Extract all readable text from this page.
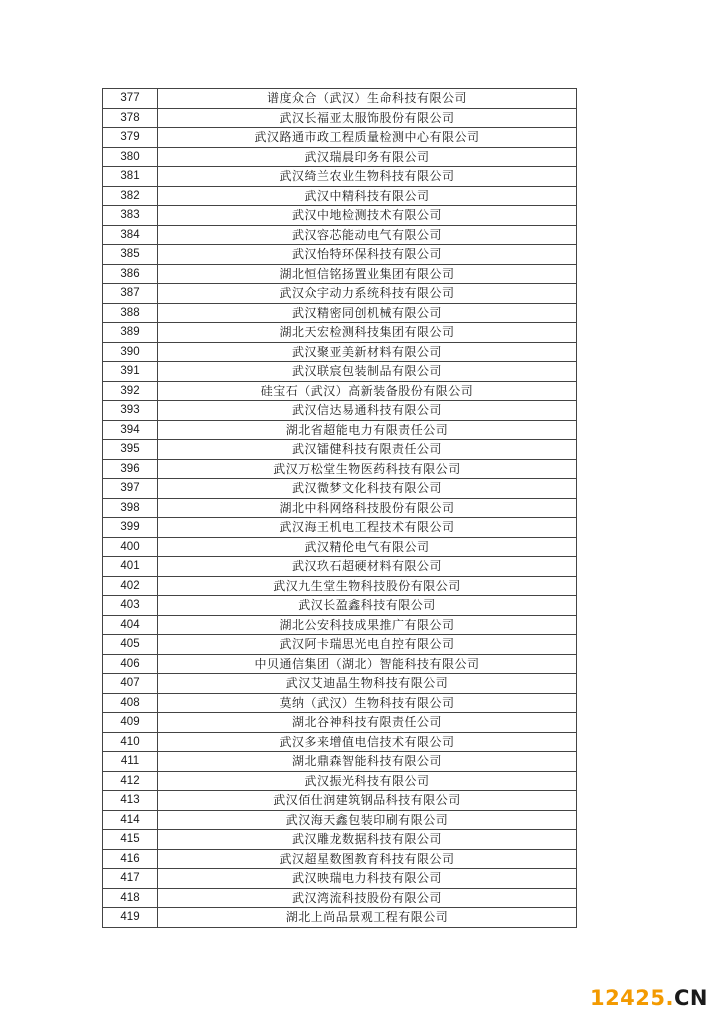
377	谱度众合（武汉）生命科技有限公司
378	武汉长福亚太服饰股份有限公司
379	武汉路通市政工程质量检测中心有限公司
380	武汉瑞晨印务有限公司
381	武汉绮兰农业生物科技有限公司
382	武汉中精科技有限公司
383	武汉中地检测技术有限公司
384	武汉容芯能动电气有限公司
385	武汉怡特环保科技有限公司
386	湖北恒信铭扬置业集团有限公司
387	武汉众宇动力系统科技有限公司
388	武汉精密同创机械有限公司
389	湖北天宏检测科技集团有限公司
390	武汉聚亚美新材料有限公司
391	武汉联宸包装制品有限公司
392	硅宝石（武汉）高新装备股份有限公司
393	武汉信达易通科技有限公司
394	湖北省超能电力有限责任公司
395	武汉镭健科技有限责任公司
396	武汉万松堂生物医药科技有限公司
397	武汉微梦文化科技有限公司
398	湖北中科网络科技股份有限公司
399	武汉海王机电工程技术有限公司
400	武汉精伦电气有限公司
401	武汉玖石超硬材料有限公司
402	武汉九生堂生物科技股份有限公司
403	武汉长盈鑫科技有限公司
404	湖北公安科技成果推广有限公司
405	武汉阿卡瑞思光电自控有限公司
406	中贝通信集团（湖北）智能科技有限公司
407	武汉艾迪晶生物科技有限公司
408	莫纳（武汉）生物科技有限公司
409	湖北谷神科技有限责任公司
410	武汉多来增值电信技术有限公司
411	湖北鼎森智能科技有限公司
412	武汉振光科技有限公司
413	武汉佰仕润建筑钢品科技有限公司
414	武汉海天鑫包装印刷有限公司
415	武汉雕龙数据科技有限公司
416	武汉超星数图教育科技有限公司
417	武汉映瑞电力科技有限公司
418	武汉湾流科技股份有限公司
419	湖北上尚品景观工程有限公司
12425.CN
